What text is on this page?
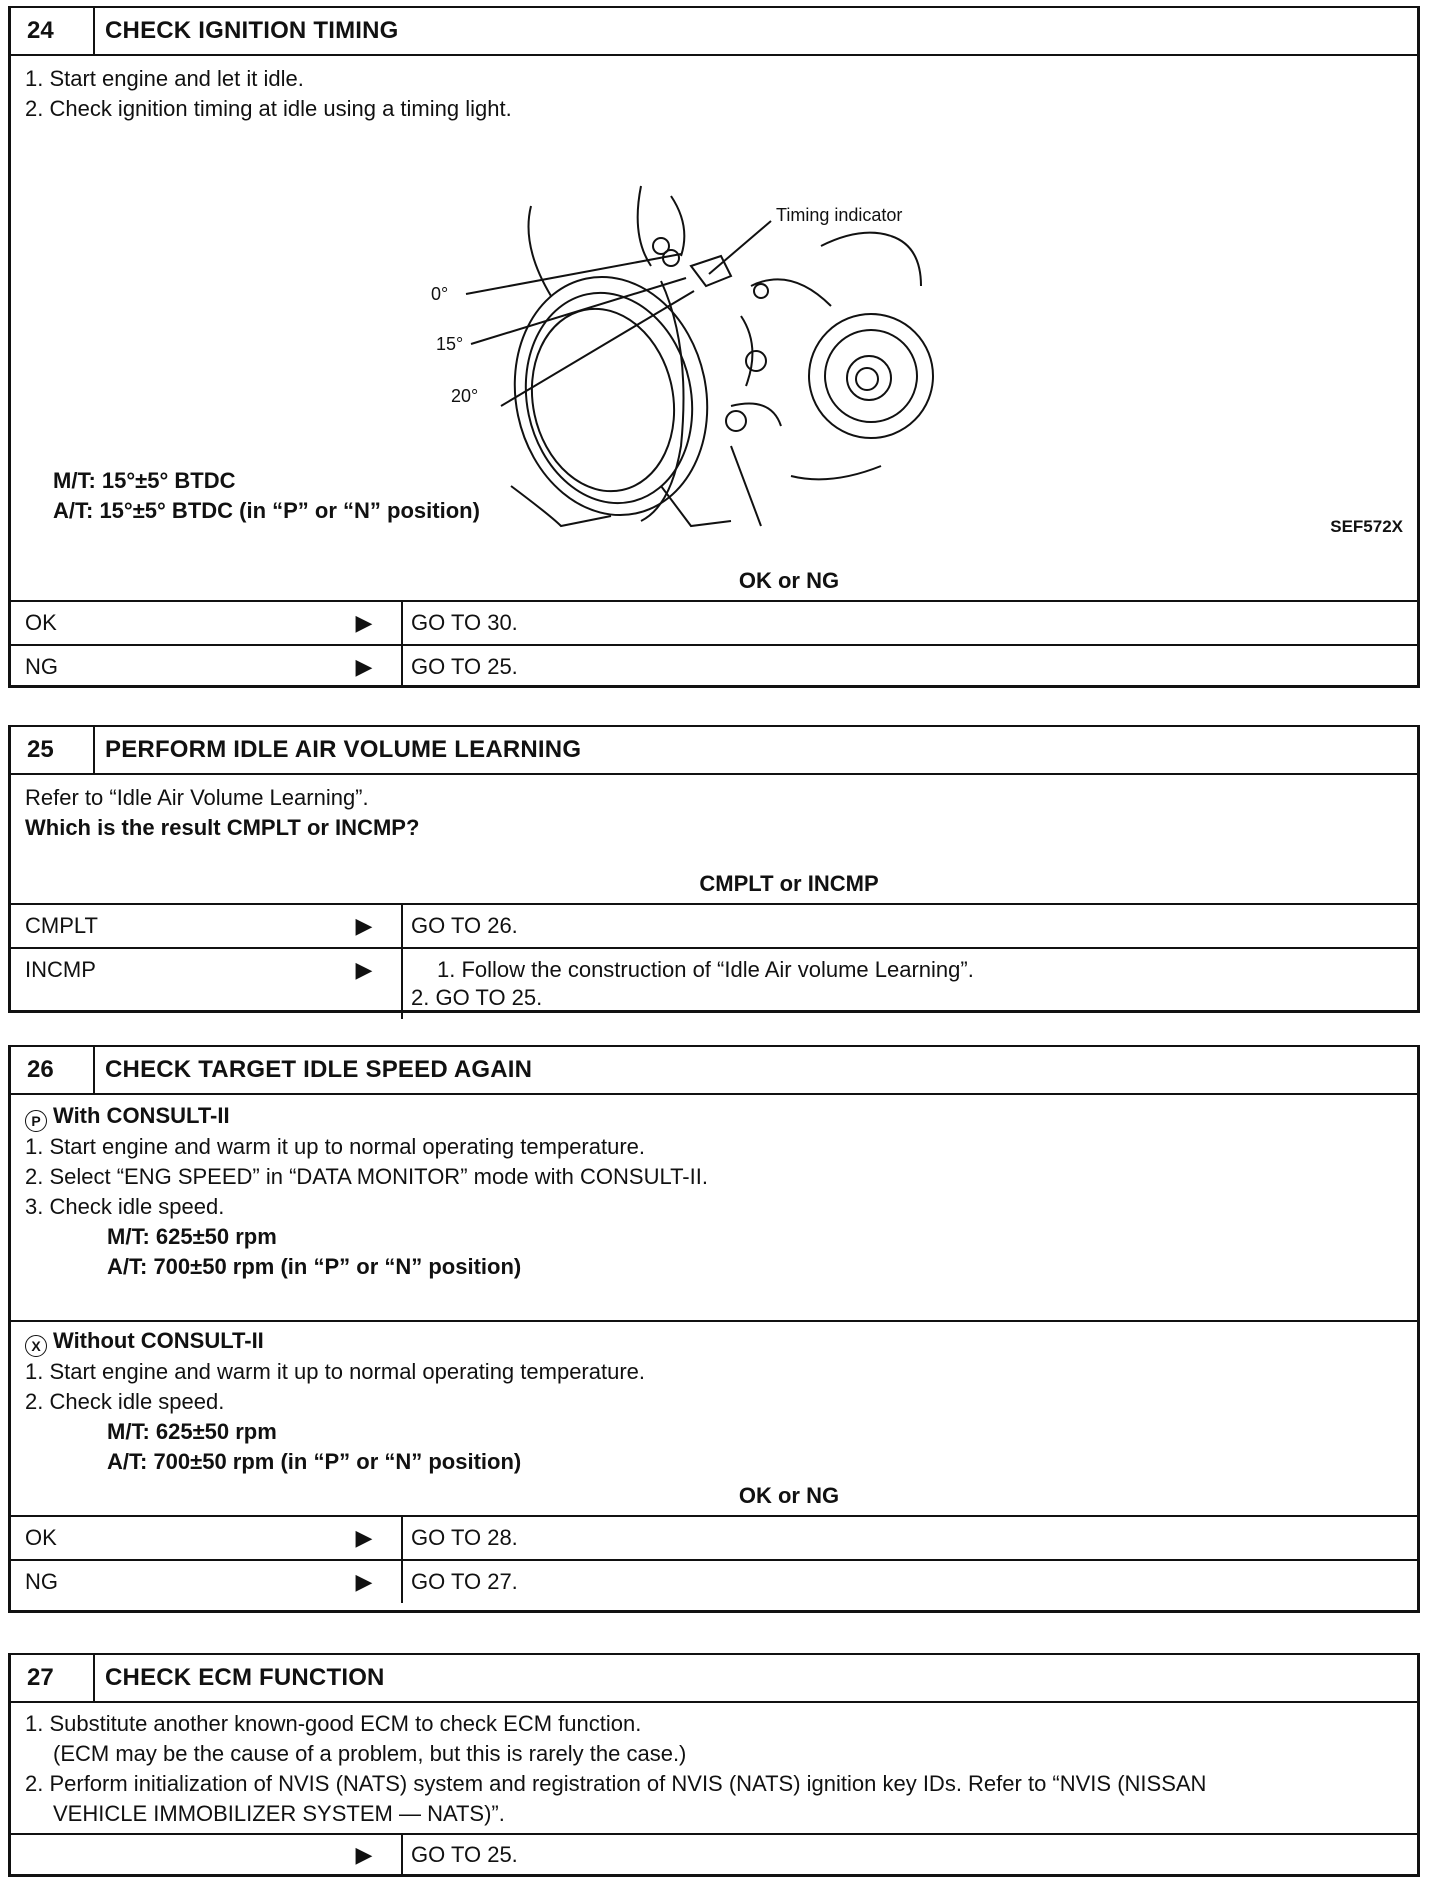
24	CHECK IGNITION TIMING
1. Start engine and let it idle.
2. Check ignition timing at idle using a timing light.
Timing indicator
0°
15°
20°
SEF572X
M/T: 15°±5° BTDC
A/T: 15°±5° BTDC (in “P” or “N” position)
OK or NG
OK	▶	GO TO 30.
NG	▶	GO TO 25.
25	PERFORM IDLE AIR VOLUME LEARNING
Refer to “Idle Air Volume Learning”.
Which is the result CMPLT or INCMP?
CMPLT or INCMP
CMPLT	▶	GO TO 26.
INCMP	▶	1. Follow the construction of “Idle Air volume Learning”.
2. GO TO 25.
26	CHECK TARGET IDLE SPEED AGAIN
P With CONSULT-II
1. Start engine and warm it up to normal operating temperature.
2. Select “ENG SPEED” in “DATA MONITOR” mode with CONSULT-II.
3. Check idle speed.
M/T: 625±50 rpm
A/T: 700±50 rpm (in “P” or “N” position)
X Without CONSULT-II
1. Start engine and warm it up to normal operating temperature.
2. Check idle speed.
M/T: 625±50 rpm
A/T: 700±50 rpm (in “P” or “N” position)
OK or NG
OK	▶	GO TO 28.
NG	▶	GO TO 27.
27	CHECK ECM FUNCTION
1. Substitute another known-good ECM to check ECM function.
(ECM may be the cause of a problem, but this is rarely the case.)
2. Perform initialization of NVIS (NATS) system and registration of NVIS (NATS) ignition key IDs. Refer to “NVIS (NISSAN
VEHICLE IMMOBILIZER SYSTEM — NATS)”.
▶	GO TO 25.
